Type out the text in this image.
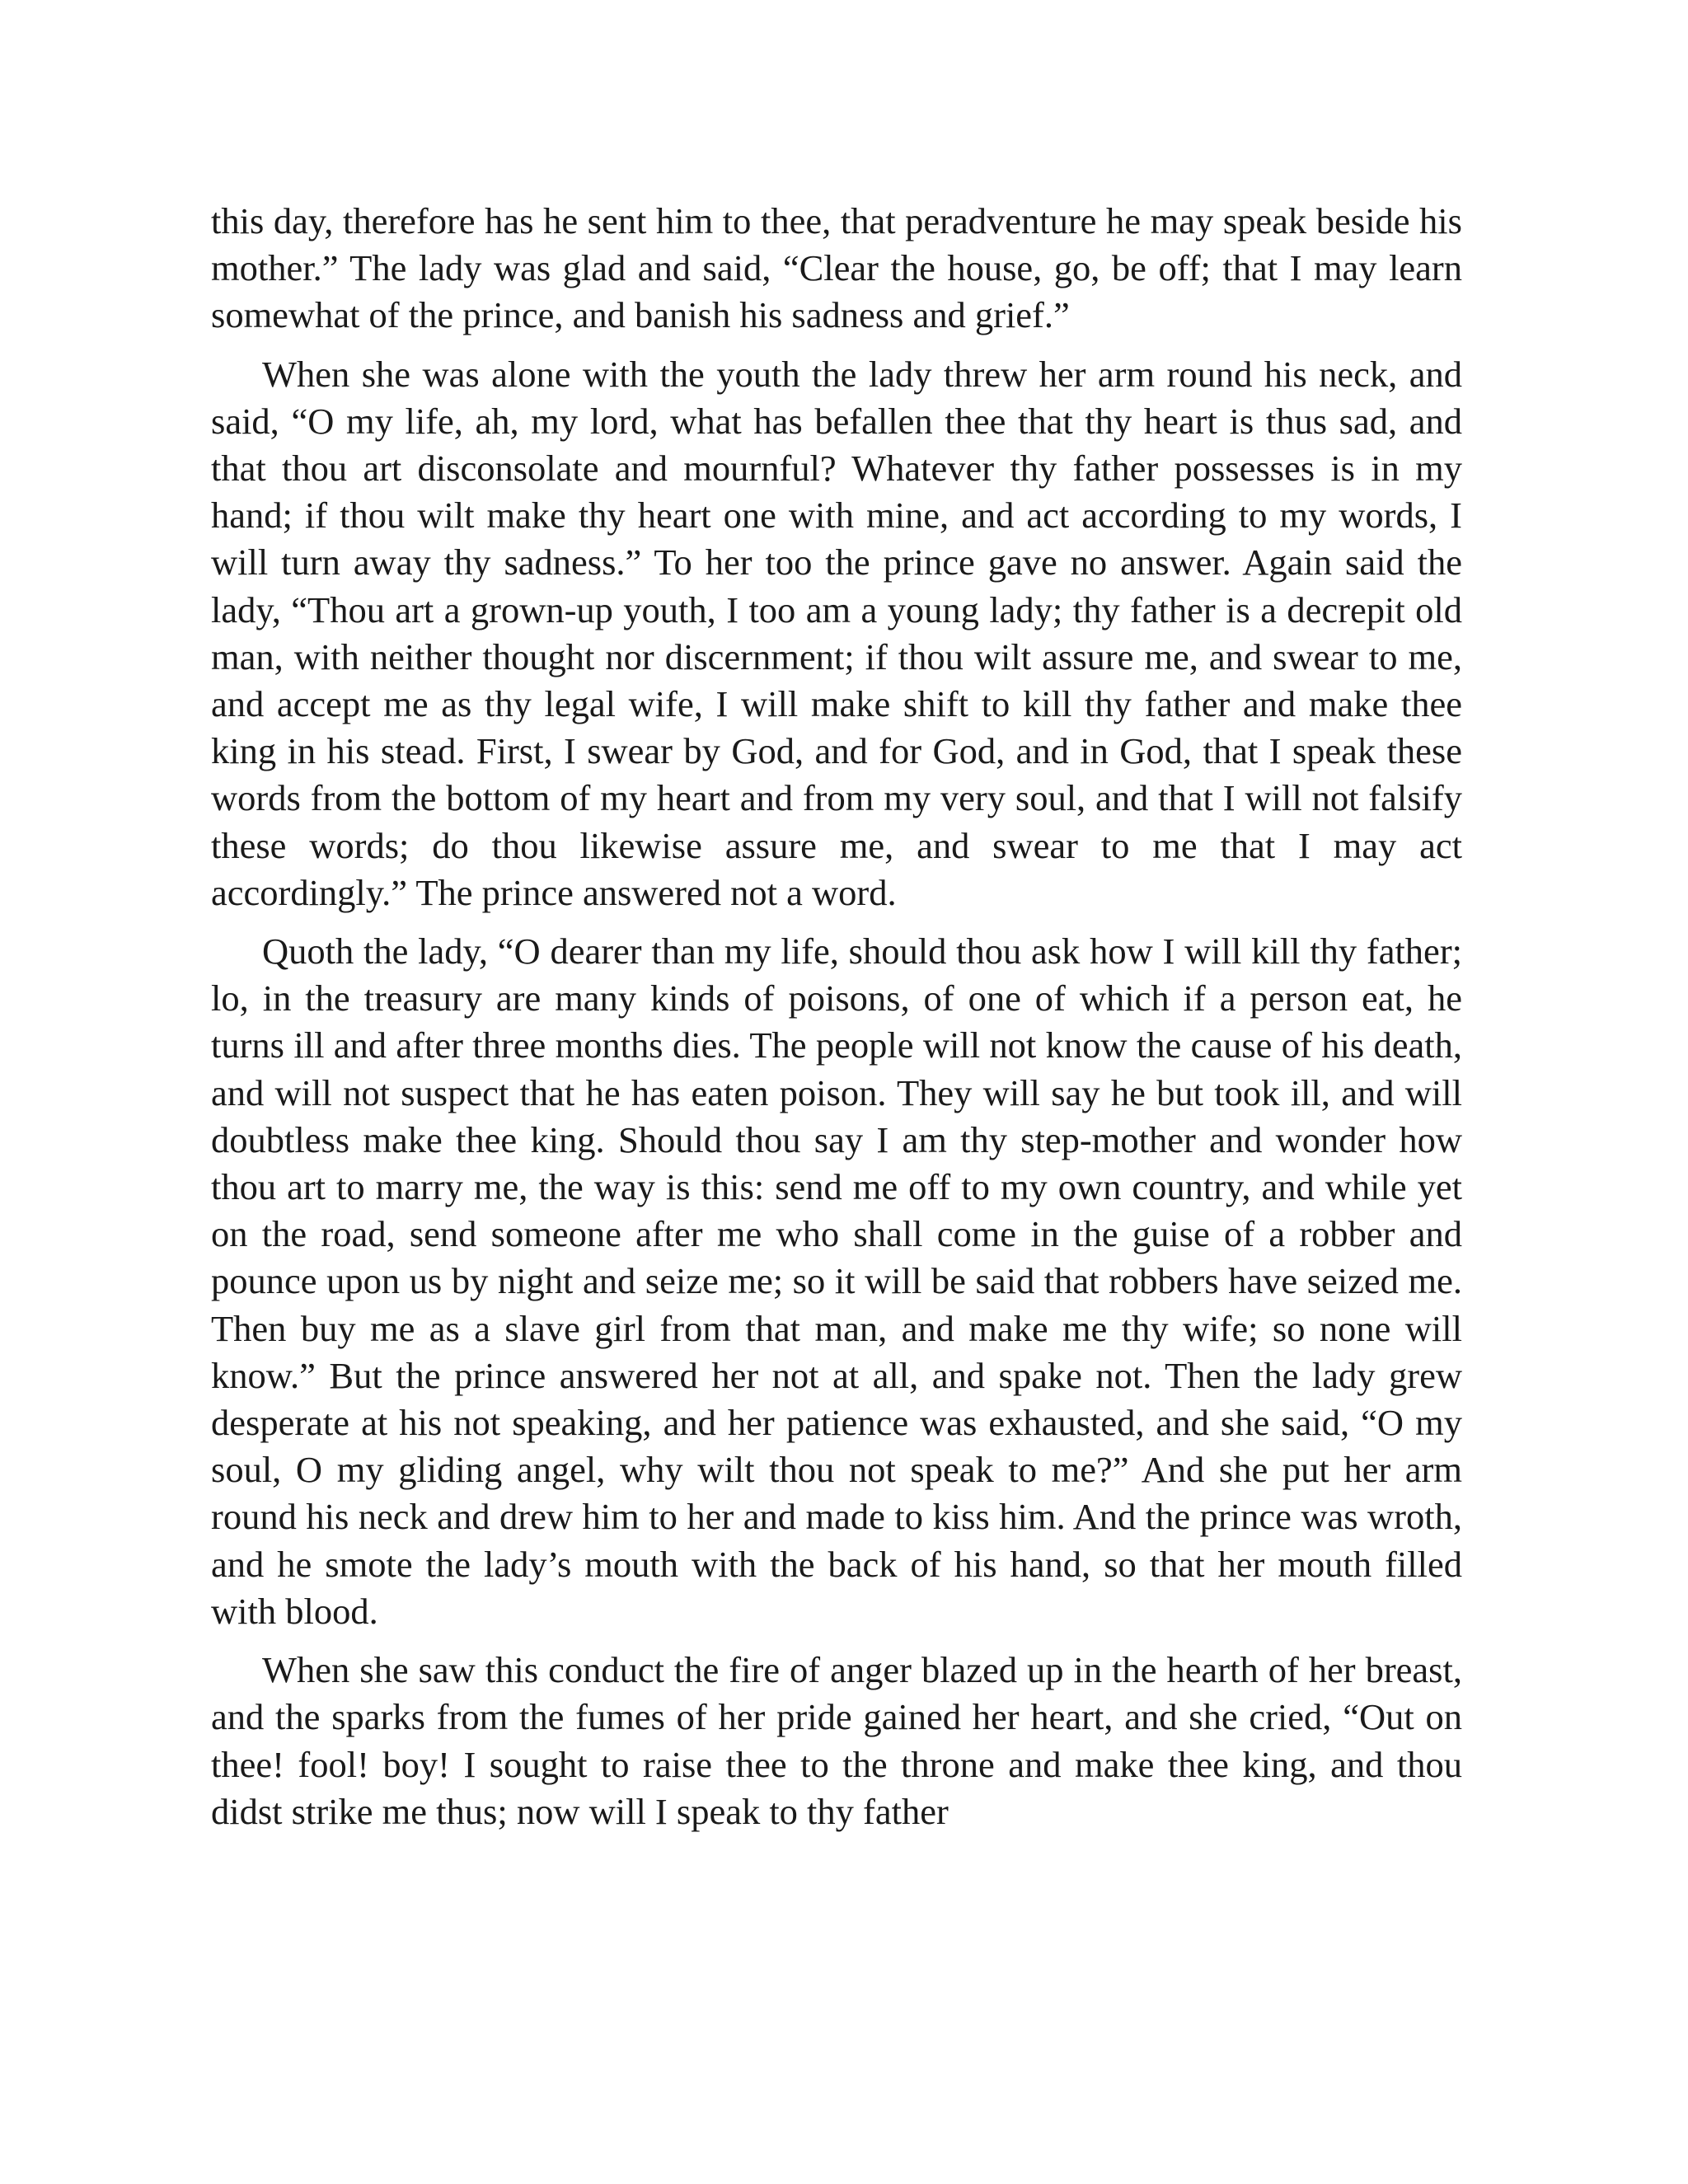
this day, therefore has he sent him to thee, that peradventure he may speak beside his mother.” The lady was glad and said, “Clear the house, go, be off; that I may learn somewhat of the prince, and banish his sadness and grief.”

When she was alone with the youth the lady threw her arm round his neck, and said, “O my life, ah, my lord, what has befallen thee that thy heart is thus sad, and that thou art disconsolate and mournful? Whatever thy father possesses is in my hand; if thou wilt make thy heart one with mine, and act according to my words, I will turn away thy sadness.” To her too the prince gave no answer. Again said the lady, “Thou art a grown-up youth, I too am a young lady; thy father is a decrepit old man, with neither thought nor discernment; if thou wilt assure me, and swear to me, and accept me as thy legal wife, I will make shift to kill thy father and make thee king in his stead. First, I swear by God, and for God, and in God, that I speak these words from the bottom of my heart and from my very soul, and that I will not falsify these words; do thou likewise assure me, and swear to me that I may act accordingly.” The prince answered not a word.

Quoth the lady, “O dearer than my life, should thou ask how I will kill thy father; lo, in the treasury are many kinds of poisons, of one of which if a person eat, he turns ill and after three months dies. The people will not know the cause of his death, and will not suspect that he has eaten poison. They will say he but took ill, and will doubtless make thee king. Should thou say I am thy step-mother and wonder how thou art to marry me, the way is this: send me off to my own country, and while yet on the road, send someone after me who shall come in the guise of a robber and pounce upon us by night and seize me; so it will be said that robbers have seized me. Then buy me as a slave girl from that man, and make me thy wife; so none will know.” But the prince answered her not at all, and spake not. Then the lady grew desperate at his not speaking, and her patience was exhausted, and she said, “O my soul, O my gliding angel, why wilt thou not speak to me?” And she put her arm round his neck and drew him to her and made to kiss him. And the prince was wroth, and he smote the lady’s mouth with the back of his hand, so that her mouth filled with blood.

When she saw this conduct the fire of anger blazed up in the hearth of her breast, and the sparks from the fumes of her pride gained her heart, and she cried, “Out on thee! fool! boy! I sought to raise thee to the throne and make thee king, and thou didst strike me thus; now will I speak to thy father
